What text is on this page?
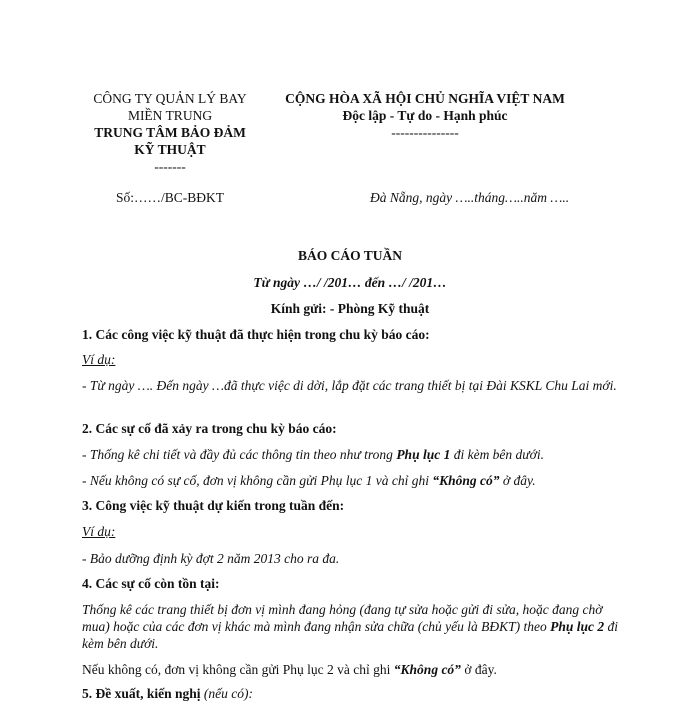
CÔNG TY QUẢN LÝ BAY
MIỀN TRUNG
TRUNG TÂM BẢO ĐẢM
KỸ THUẬT
-------
CỘNG HÒA XÃ HỘI CHỦ NGHĨA VIỆT NAM
Độc lập - Tự do - Hạnh phúc
---------------
Số:……/BC-BĐKT	Đà Nẵng, ngày …..tháng…..năm …..
BÁO CÁO TUẦN
Từ ngày …/ /201… đến …/ /201…
Kính gửi: - Phòng Kỹ thuật
1. Các công việc kỹ thuật đã thực hiện trong chu kỳ báo cáo:
Ví dụ:
- Từ ngày …. Đến ngày …đã thực việc di dời, lắp đặt các trang thiết bị tại Đài KSKL Chu Lai mới.
2. Các sự cố đã xảy ra trong chu kỳ báo cáo:
- Thống kê chi tiết và đầy đủ các thông tin theo như trong Phụ lục 1 đi kèm bên dưới.
- Nếu không có sự cố, đơn vị không cần gửi Phụ lục 1 và chỉ ghi “Không có” ở đây.
3. Công việc kỹ thuật dự kiến trong tuần đến:
Ví dụ:
- Bảo dưỡng định kỳ đợt 2 năm 2013 cho ra đa.
4. Các sự cố còn tồn tại:
Thống kê các trang thiết bị đơn vị mình đang hỏng (đang tự sửa hoặc gửi đi sửa, hoặc đang chờ mua) hoặc của các đơn vị khác mà mình đang nhận sửa chữa (chủ yếu là BĐKT) theo Phụ lục 2 đi kèm bên dưới.
Nếu không có, đơn vị không cần gửi Phụ lục 2 và chỉ ghi “Không có” ở đây.
5. Đề xuất, kiến nghị (nếu có):
